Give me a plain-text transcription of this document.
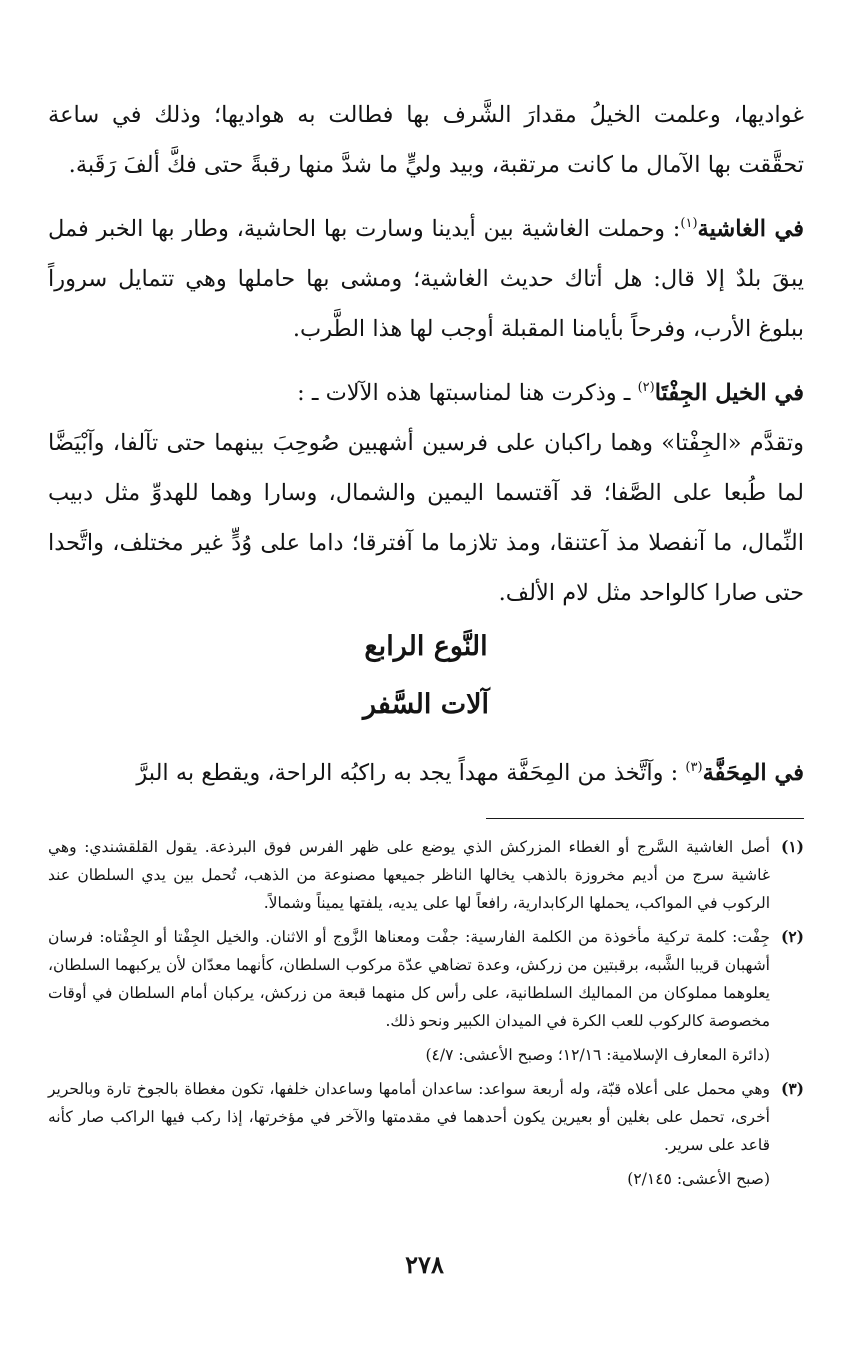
غواديها، وعلمت الخيلُ مقدارَ الشَّرف بها فطالت به هواديها؛ وذلك في ساعة تحقَّقت بها الآمال ما كانت مرتقبة، وبيد وليٍّ ما شدَّ منها رقبةً حتى فكَّ ألفَ رَقَبة.

في الغاشية$^{(١)}$: وحملت الغاشية بين أيدينا وسارت بها الحاشية، وطار بها الخبر فمل يبقَ بلدٌ إلا قال: هل أتاك حديث الغاشية؛ ومشى بها حاملها وهي تتمايل سروراً ببلوغ الأرب، وفرحاً بأيامنا المقبلة أوجب لها هذا الطَّرب.

في الخيل الجِفْتَا$^{(٢)}$ ـ وذكرت هنا لمناسبتها هذه الآلات ـ :

وتقدَّم «الجِفْتا» وهما راكبان على فرسين أشهبين صُوحِبَ بينهما حتى تآلفا، وآبْيَضَّا لما طُبعا على الصَّفا؛ قد آقتسما اليمين والشمال، وسارا وهما للهدوِّ مثل دبيب النِّمال، ما آنفصلا مذ آعتنقا، ومذ تلازما ما آفترقا؛ داما على وُدٍّ غير مختلف، واتَّحدا حتى صارا كالواحد مثل لام الألف.

النَّوع الرابع
آلات السَّفر

في المِحَفَّة$^{(٣)}$ : وآتَّخذ من المِحَفَّة مهداً يجد به راكبُه الراحة، ويقطع به البرَّ

(١)
أصل الغاشية السَّرج أو الغطاء المزركش الذي يوضع على ظهر الفرس فوق البرذعة. يقول القلقشندي: وهي غاشية سرج من أديم مخروزة بالذهب يخالها الناظر جميعها مصنوعة من الذهب، تُحمل بين يدي السلطان عند الركوب في المواكب، يحملها الركابدارية، رافعاً لها على يديه، يلفتها يميناً وشمالاً.
(٢)
جِفْت: كلمة تركية مأخوذة من الكلمة الفارسية: جفْت ومعناها الزَّوج أو الاثنان. والخيل الجِفْتا أو الجِفْتاه: فرسان أشهبان قريبا الشَّبه، برقبتين من زركش، وعدة تضاهي عدّة مركوب السلطان، كأنهما معدّان لأن يركبهما السلطان، يعلوهما مملوكان من المماليك السلطانية، على رأس كل منهما قبعة من زركش، يركبان أمام السلطان في أوقات مخصوصة كالركوب للعب الكرة في الميدان الكبير ونحو ذلك.
(دائرة المعارف الإسلامية: ١٢/١٦؛ وصبح الأعشى: ٤/٧)
(٣)
وهي محمل على أعلاه قبّة، وله أربعة سواعد: ساعدان أمامها وساعدان خلفها، تكون مغطاة بالجوخ تارة وبالحرير أخرى، تحمل على بغلين أو بعيرين يكون أحدهما في مقدمتها والآخر في مؤخرتها، إذا ركب فيها الراكب صار كأنه قاعد على سرير.
(صبح الأعشى: ٢/١٤٥)
٢٧٨
